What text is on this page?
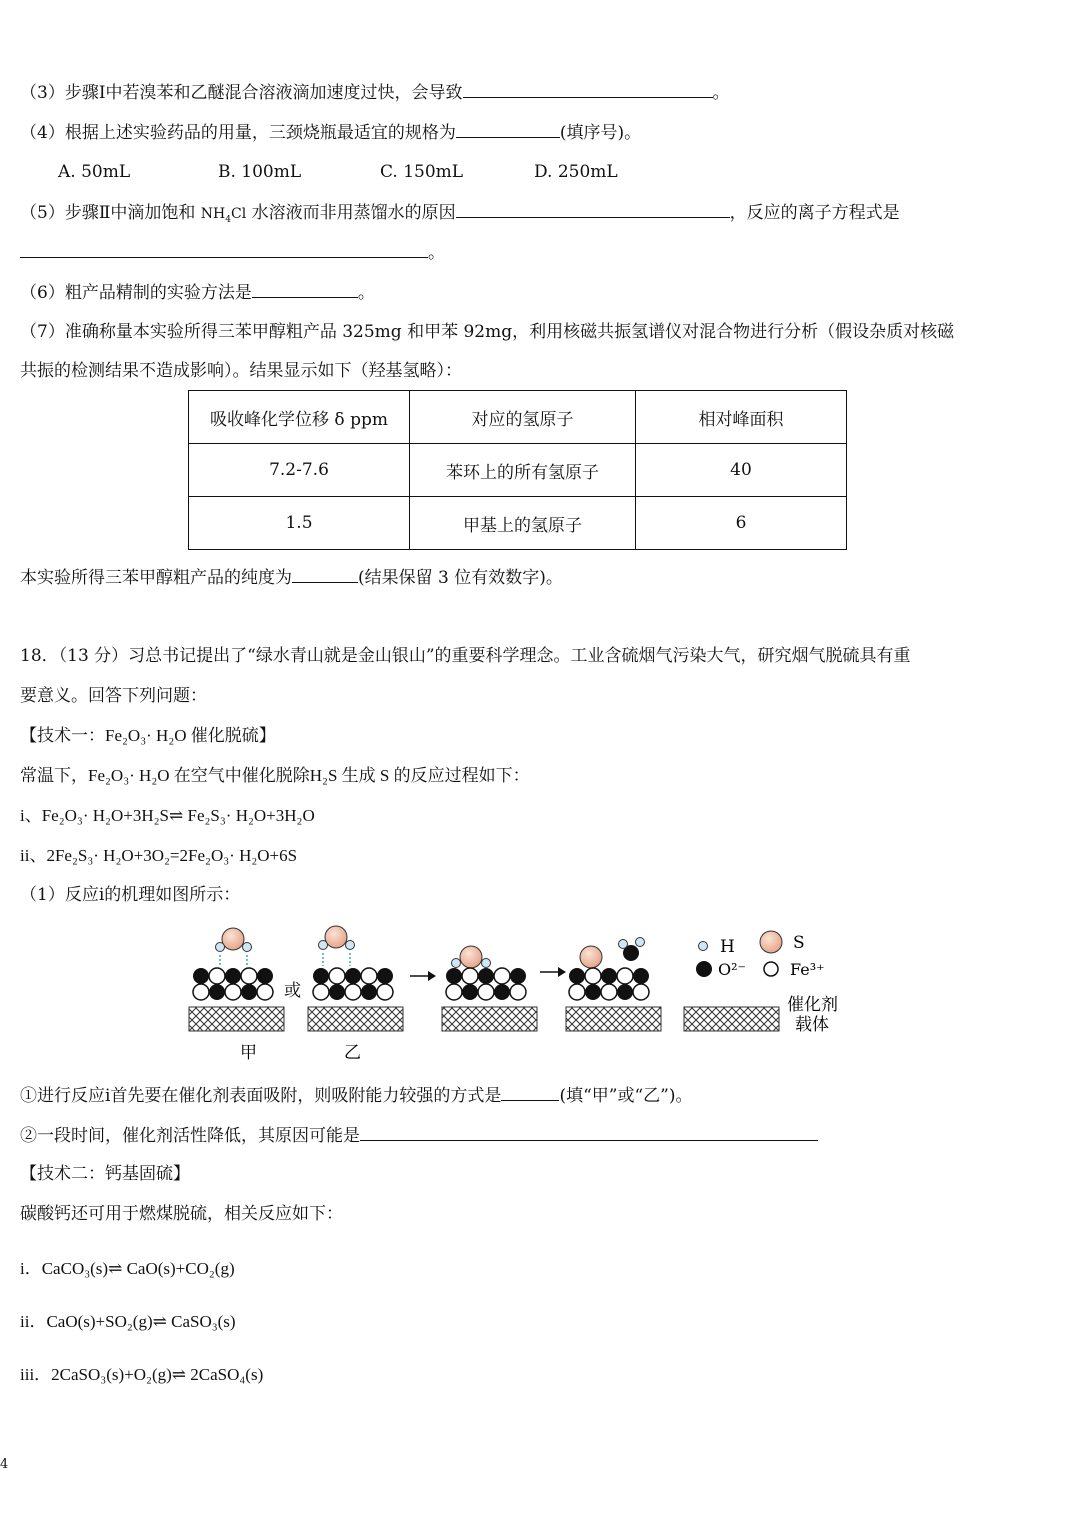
（3）步骤Ⅰ中若溴苯和乙醚混合溶液滴加速度过快，会导致	。
（4）根据上述实验药品的用量，三颈烧瓶最适宜的规格为	(填序号)。
A. 50mL	B. 100mL	C. 150mL	D. 250mL
（5）步骤Ⅱ中滴加饱和 $NH_4Cl$ 水溶液而非用蒸馏水的原因	，反应的离子方程式是
。
（6）粗产品精制的实验方法是	。
（7）准确称量本实验所得三苯甲醇粗产品 325mg 和甲苯 92mg，利用核磁共振氢谱仪对混合物进行分析（假设杂质对核磁
共振的检测结果不造成影响）。结果显示如下（羟基氢略）：
吸收峰化学位移 δ ppm	对应的氢原子	相对峰面积
7.2-7.6	苯环上的所有氢原子	40
1.5	甲基上的氢原子	6
本实验所得三苯甲醇粗产品的纯度为	(结果保留 3 位有效数字)。
18．（13 分）习总书记提出了“绿水青山就是金山银山”的重要科学理念。工业含硫烟气污染大气，研究烟气脱硫具有重
要意义。回答下列问题：
【技术一：Fe₂O₃· H₂O 催化脱硫】
常温下，Fe₂O₃· H₂O 在空气中催化脱除H₂S 生成 S 的反应过程如下：
i、Fe₂O₃· H₂O+3H₂S⇌ Fe₂S₃· H₂O+3H₂O
ii、2Fe₂S₃· H₂O+3O₂=2Fe₂O₃· H₂O+6S
（1）反应i的机理如图所示：
甲
或
乙
H	S
O²⁻	Fe³⁺
催化剂
载体
①进行反应i首先要在催化剂表面吸附，则吸附能力较强的方式是	(填“甲”或“乙”)。
②一段时间，催化剂活性降低，其原因可能是
【技术二：钙基固硫】
碳酸钙还可用于燃煤脱硫，相关反应如下：
i．CaCO₃(s)⇌ CaO(s)+CO₂(g)
ii．CaO(s)+SO₂(g)⇌ CaSO₃(s)
iii．2CaSO₃(s)+O₂(g)⇌ 2CaSO₄(s)
4
